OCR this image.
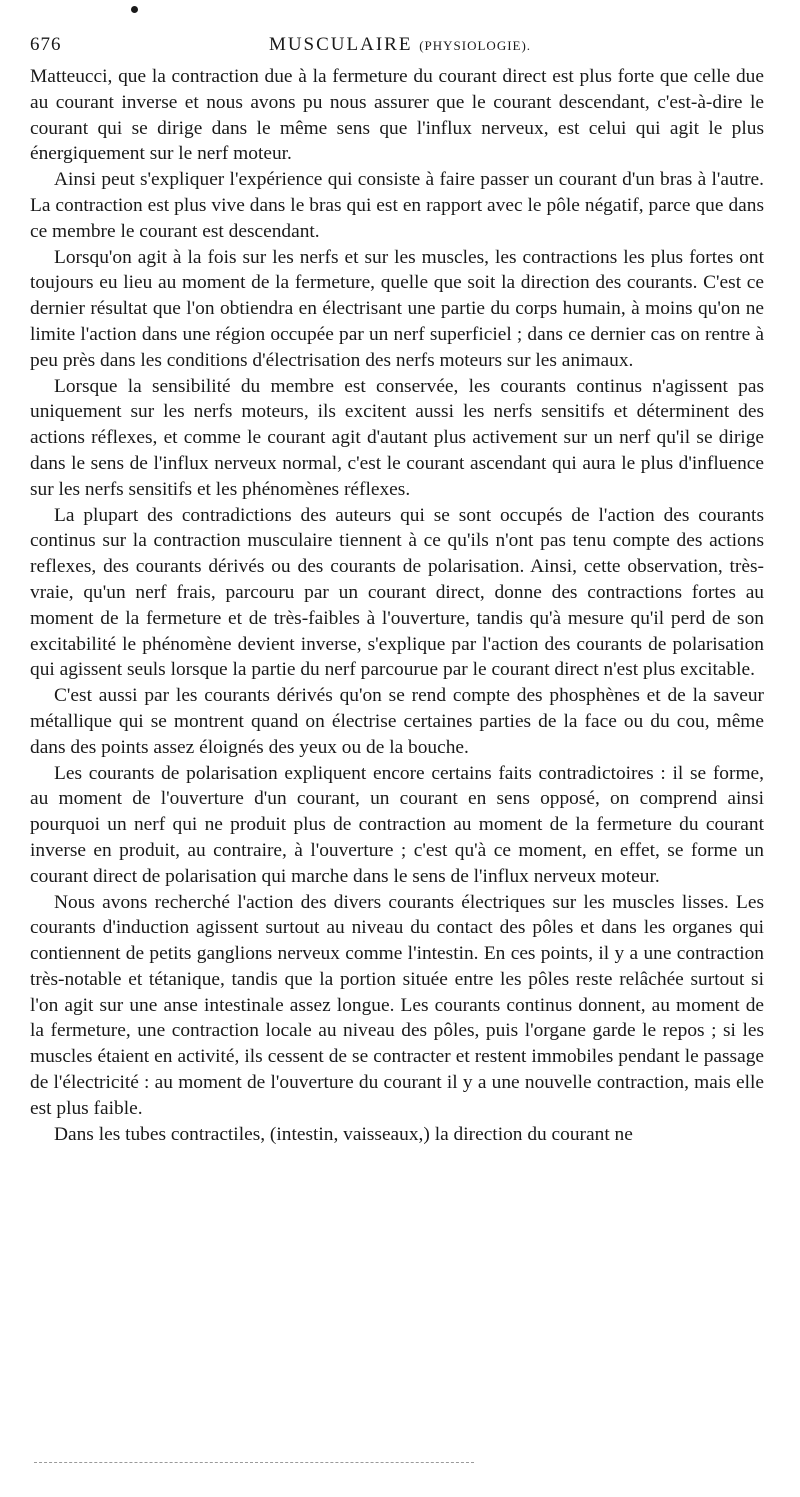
676	MUSCULAIRE (PHYSIOLOGIE).

Matteucci, que la contraction due à la fermeture du courant direct est plus forte que celle due au courant inverse et nous avons pu nous assurer que le courant descendant, c'est-à-dire le courant qui se dirige dans le même sens que l'influx nerveux, est celui qui agit le plus énergiquement sur le nerf moteur.

Ainsi peut s'expliquer l'expérience qui consiste à faire passer un courant d'un bras à l'autre. La contraction est plus vive dans le bras qui est en rapport avec le pôle négatif, parce que dans ce membre le courant est descendant.

Lorsqu'on agit à la fois sur les nerfs et sur les muscles, les contractions les plus fortes ont toujours eu lieu au moment de la fermeture, quelle que soit la direction des courants. C'est ce dernier résultat que l'on obtiendra en électrisant une partie du corps humain, à moins qu'on ne limite l'action dans une région occupée par un nerf superficiel ; dans ce dernier cas on rentre à peu près dans les conditions d'électrisation des nerfs moteurs sur les animaux.

Lorsque la sensibilité du membre est conservée, les courants continus n'agissent pas uniquement sur les nerfs moteurs, ils excitent aussi les nerfs sensitifs et déterminent des actions réflexes, et comme le courant agit d'autant plus activement sur un nerf qu'il se dirige dans le sens de l'influx nerveux normal, c'est le courant ascendant qui aura le plus d'influence sur les nerfs sensitifs et les phénomènes réflexes.

La plupart des contradictions des auteurs qui se sont occupés de l'action des courants continus sur la contraction musculaire tiennent à ce qu'ils n'ont pas tenu compte des actions reflexes, des courants dérivés ou des courants de polarisation. Ainsi, cette observation, très-vraie, qu'un nerf frais, parcouru par un courant direct, donne des contractions fortes au moment de la fermeture et de très-faibles à l'ouverture, tandis qu'à mesure qu'il perd de son excitabilité le phénomène devient inverse, s'explique par l'action des courants de polarisation qui agissent seuls lorsque la partie du nerf parcourue par le courant direct n'est plus excitable.

C'est aussi par les courants dérivés qu'on se rend compte des phosphènes et de la saveur métallique qui se montrent quand on électrise certaines parties de la face ou du cou, même dans des points assez éloignés des yeux ou de la bouche.

Les courants de polarisation expliquent encore certains faits contradictoires : il se forme, au moment de l'ouverture d'un courant, un courant en sens opposé, on comprend ainsi pourquoi un nerf qui ne produit plus de contraction au moment de la fermeture du courant inverse en produit, au contraire, à l'ouverture ; c'est qu'à ce moment, en effet, se forme un courant direct de polarisation qui marche dans le sens de l'influx nerveux moteur.

Nous avons recherché l'action des divers courants électriques sur les muscles lisses. Les courants d'induction agissent surtout au niveau du contact des pôles et dans les organes qui contiennent de petits ganglions nerveux comme l'intestin. En ces points, il y a une contraction très-notable et tétanique, tandis que la portion située entre les pôles reste relâchée surtout si l'on agit sur une anse intestinale assez longue. Les courants continus donnent, au moment de la fermeture, une contraction locale au niveau des pôles, puis l'organe garde le repos ; si les muscles étaient en activité, ils cessent de se contracter et restent immobiles pendant le passage de l'électricité : au moment de l'ouverture du courant il y a une nouvelle contraction, mais elle est plus faible.

Dans les tubes contractiles, (intestin, vaisseaux,) la direction du courant ne
